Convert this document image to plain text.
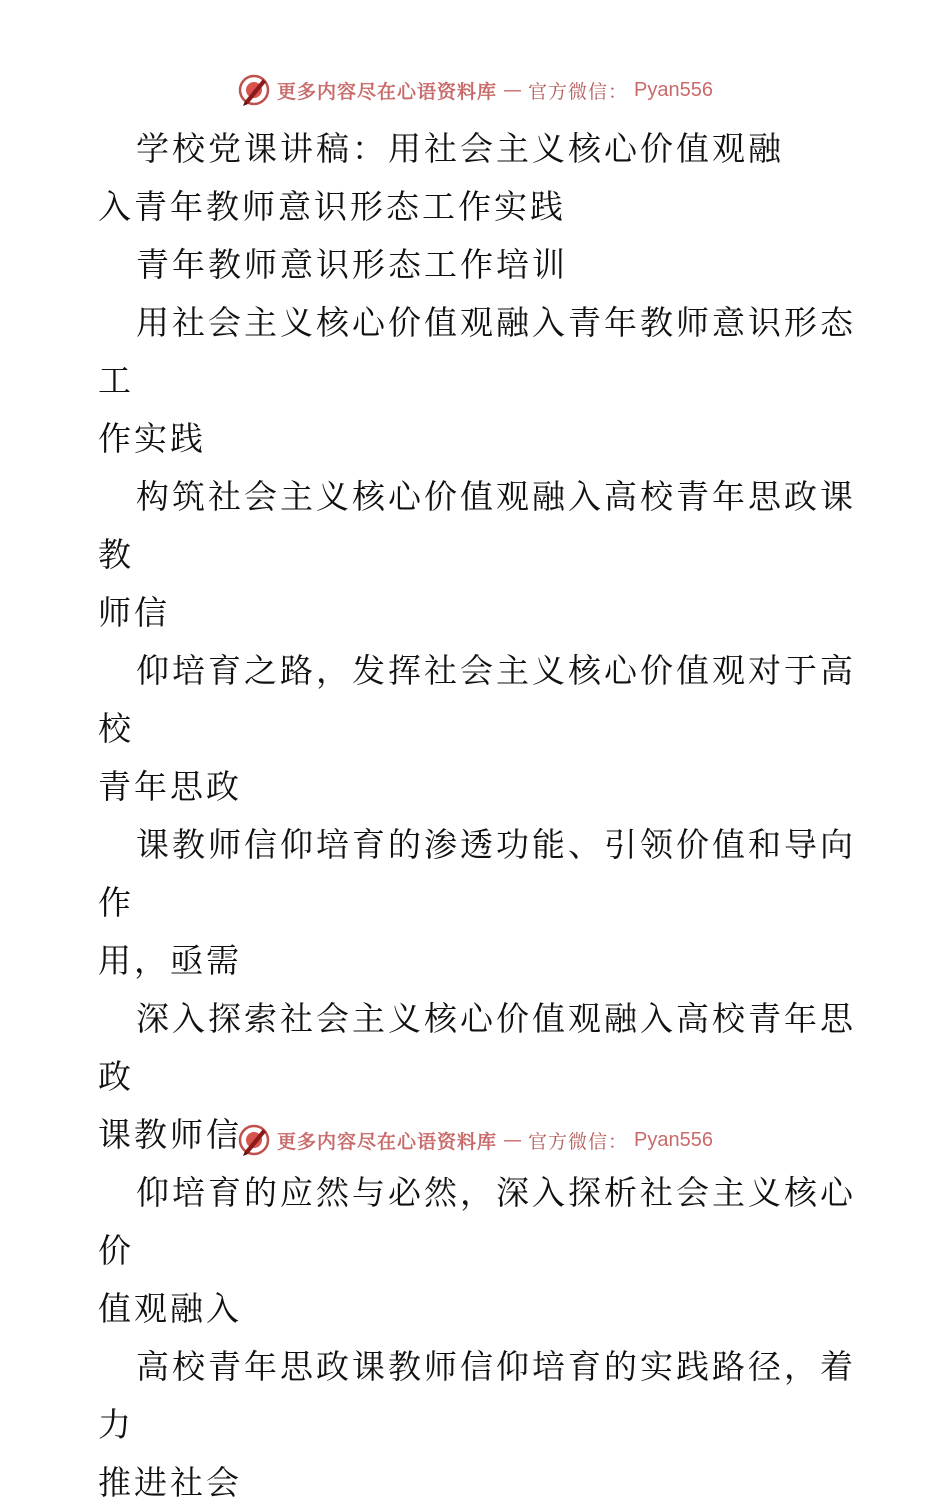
更多内容尽在心语资料库 — 官方微信： Pyan556

学校党课讲稿：用社会主义核心价值观融
入青年教师意识形态工作实践

青年教师意识形态工作培训

用社会主义核心价值观融入青年教师意识形态工
作实践

构筑社会主义核心价值观融入高校青年思政课教
师信

仰培育之路，发挥社会主义核心价值观对于高校
青年思政

课教师信仰培育的渗透功能、引领价值和导向作
用，亟需

深入探索社会主义核心价值观融入高校青年思政
课教师信

仰培育的应然与必然，深入探析社会主义核心价
值观融入

高校青年思政课教师信仰培育的实践路径，着力
推进社会

更多内容尽在心语资料库 — 官方微信： Pyan556
